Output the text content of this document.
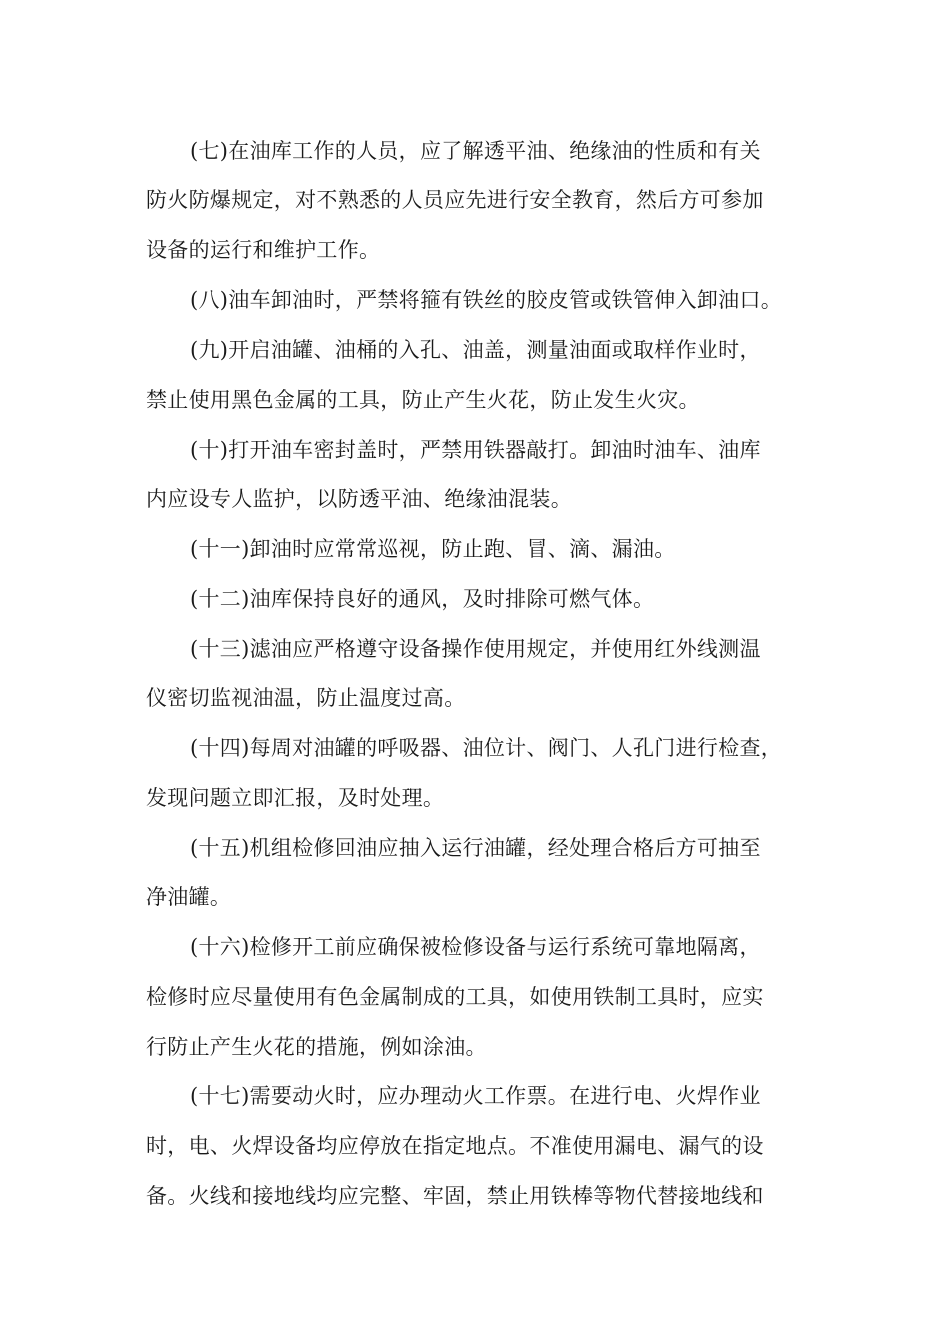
(七)在油库工作的人员，应了解透平油、绝缘油的性质和有关
防火防爆规定，对不熟悉的人员应先进行安全教育，然后方可参加
设备的运行和维护工作。
(八)油车卸油时，严禁将箍有铁丝的胶皮管或铁管伸入卸油口。
(九)开启油罐、油桶的入孔、油盖，测量油面或取样作业时，
禁止使用黑色金属的工具，防止产生火花，防止发生火灾。
(十)打开油车密封盖时，严禁用铁器敲打。卸油时油车、油库
内应设专人监护，以防透平油、绝缘油混装。
(十一)卸油时应常常巡视，防止跑、冒、滴、漏油。
(十二)油库保持良好的通风，及时排除可燃气体。
(十三)滤油应严格遵守设备操作使用规定，并使用红外线测温
仪密切监视油温，防止温度过高。
(十四)每周对油罐的呼吸器、油位计、阀门、人孔门进行检查，
发现问题立即汇报，及时处理。
(十五)机组检修回油应抽入运行油罐，经处理合格后方可抽至
净油罐。
(十六)检修开工前应确保被检修设备与运行系统可靠地隔离，
检修时应尽量使用有色金属制成的工具，如使用铁制工具时，应实
行防止产生火花的措施，例如涂油。
(十七)需要动火时，应办理动火工作票。在进行电、火焊作业
时，电、火焊设备均应停放在指定地点。不准使用漏电、漏气的设
备。火线和接地线均应完整、牢固，禁止用铁棒等物代替接地线和
